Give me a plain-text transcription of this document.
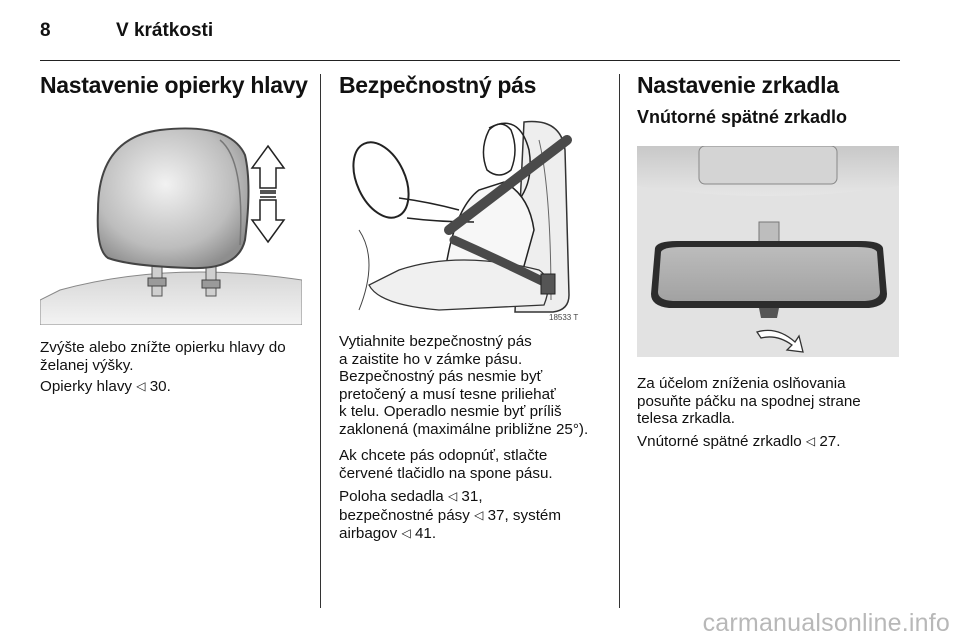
8	V krátkosti
Nastavenie opierky hlavy

Zvýšte alebo znížte opierku hlavy do
želanej výšky.

Opierky hlavy ◁ 30.

Bezpečnostný pás
18533 T

Vytiahnite bezpečnostný pás
a zaistite ho v zámke pásu.
Bezpečnostný pás nesmie byť
pretočený a musí tesne priliehať
k telu. Operadlo nesmie byť príliš
zaklonená (maximálne približne 25°).

Ak chcete pás odopnúť, stlačte
červené tlačidlo na spone pásu.

Poloha sedadla ◁ 31,
bezpečnostné pásy ◁ 37, systém
airbagov ◁ 41.

Nastavenie zrkadla
Vnútorné spätné zrkadlo

Za účelom zníženia oslňovania
posuňte páčku na spodnej strane
telesa zrkadla.

Vnútorné spätné zrkadlo ◁ 27.

carmanualsonline.info
